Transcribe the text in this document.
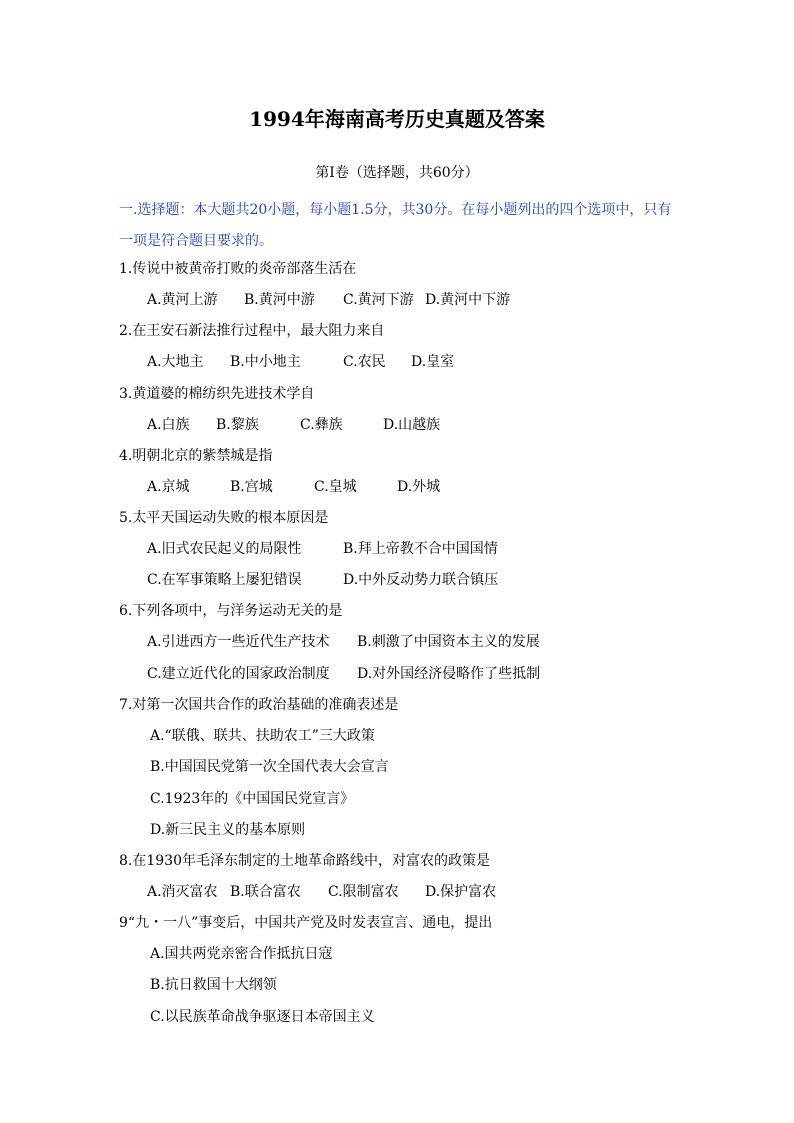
1994年海南高考历史真题及答案
第Ⅰ卷（选择题，共60分）
一.选择题：本大题共20小题，每小题1.5分，共30分。在每小题列出的四个选项中，只有一项是符合题目要求的。
1.传说中被黄帝打败的炎帝部落生活在
A.黄河上游 B.黄河中游 C.黄河下游 D.黄河中下游
2.在王安石新法推行过程中，最大阻力来自
A.大地主 B.中小地主	C.农民 D.皇室
3.黄道婆的棉纺织先进技术学自
A.白族 B.黎族	C.彝族	D.山越族
4.明朝北京的紫禁城是指
A.京城	B.宫城	C.皇城	D.外城
5.太平天国运动失败的根本原因是
A.旧式农民起义的局限性	B.拜上帝教不合中国国情
C.在军事策略上屡犯错误	D.中外反动势力联合镇压
6.下列各项中，与洋务运动无关的是
A.引进西方一些近代生产技术 B.刺激了中国资本主义的发展
C.建立近代化的国家政治制度 D.对外国经济侵略作了些抵制
7.对第一次国共合作的政治基础的准确表述是
A.“联俄、联共、扶助农工”三大政策
B.中国国民党第一次全国代表大会宣言
C.1923年的《中国国民党宣言》
D.新三民主义的基本原则
8.在1930年毛泽东制定的土地革命路线中，对富农的政策是
A.消灭富农 B.联合富农 C.限制富农 D.保护富农
9“九・一八”事变后，中国共产党及时发表宣言、通电，提出
A.国共两党亲密合作抵抗日寇
B.抗日救国十大纲领
C.以民族革命战争驱逐日本帝国主义
